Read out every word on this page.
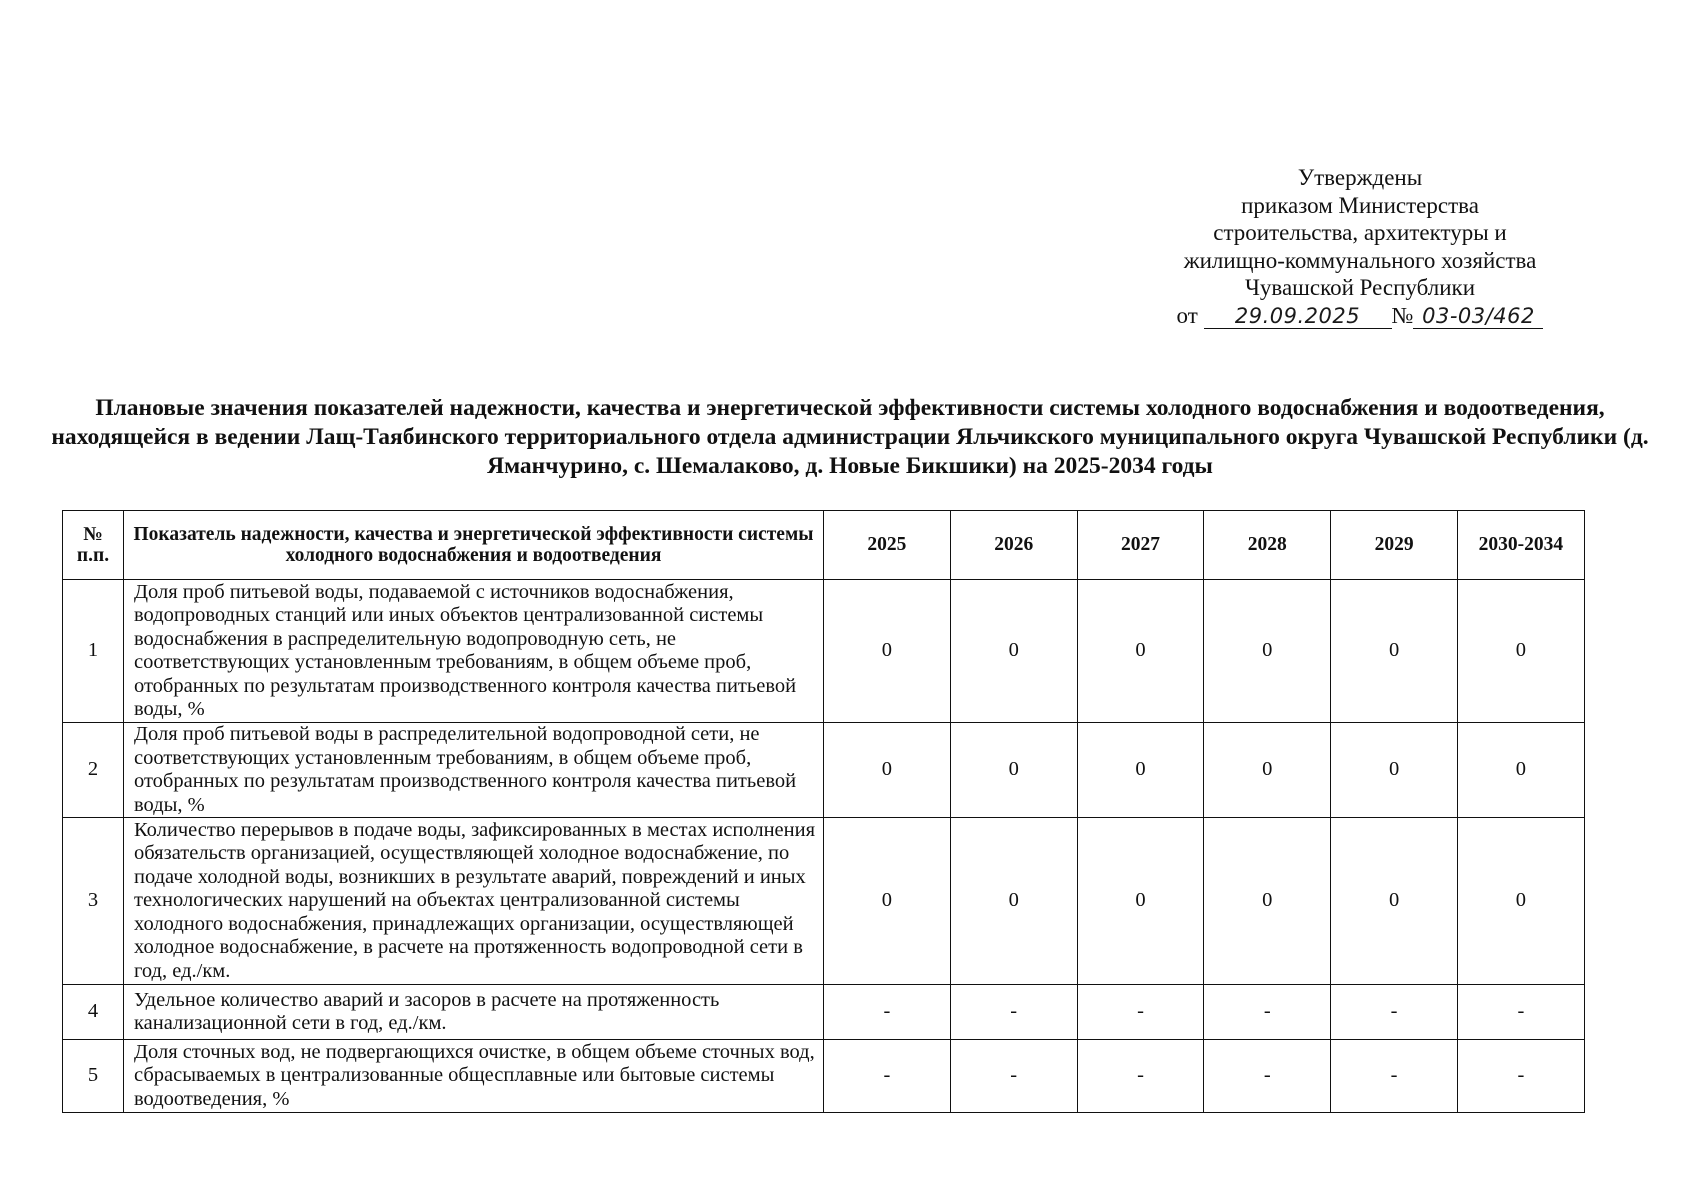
Утверждены
приказом Министерства
строительства, архитектуры и
жилищно-коммунального хозяйства
Чувашской Республики
от 29.09.2025 № 03-03/462
Плановые значения показателей надежности, качества и энергетической эффективности системы холодного водоснабжения и водоотведения, находящейся в ведении Лащ-Таябинского территориального отдела администрации Яльчикского муниципального округа Чувашской Республики (д. Яманчурино, с. Шемалаково, д. Новые Бикшики) на 2025-2034 годы
№ п.п.	Показатель надежности, качества и энергетической эффективности системы холодного водоснабжения и водоотведения	2025	2026	2027	2028	2029	2030-2034
1	Доля проб питьевой воды, подаваемой с источников водоснабжения, водопроводных станций или иных объектов централизованной системы водоснабжения в распределительную водопроводную сеть, не соответствующих установленным требованиям, в общем объеме проб, отобранных по результатам производственного контроля качества питьевой воды, %	0	0	0	0	0	0
2	Доля проб питьевой воды в распределительной водопроводной сети, не соответствующих установленным требованиям, в общем объеме проб, отобранных по результатам производственного контроля качества питьевой воды, %	0	0	0	0	0	0
3	Количество перерывов в подаче воды, зафиксированных в местах исполнения обязательств организацией, осуществляющей холодное водоснабжение, по подаче холодной воды, возникших в результате аварий, повреждений и иных технологических нарушений на объектах централизованной системы холодного водоснабжения, принадлежащих организации, осуществляющей холодное водоснабжение, в расчете на протяженность водопроводной сети в год, ед./км.	0	0	0	0	0	0
4	Удельное количество аварий и засоров в расчете на протяженность канализационной сети в год, ед./км.	-	-	-	-	-	-
5	Доля сточных вод, не подвергающихся очистке, в общем объеме сточных вод, сбрасываемых в централизованные общесплавные или бытовые системы водоотведения, %	-	-	-	-	-	-
